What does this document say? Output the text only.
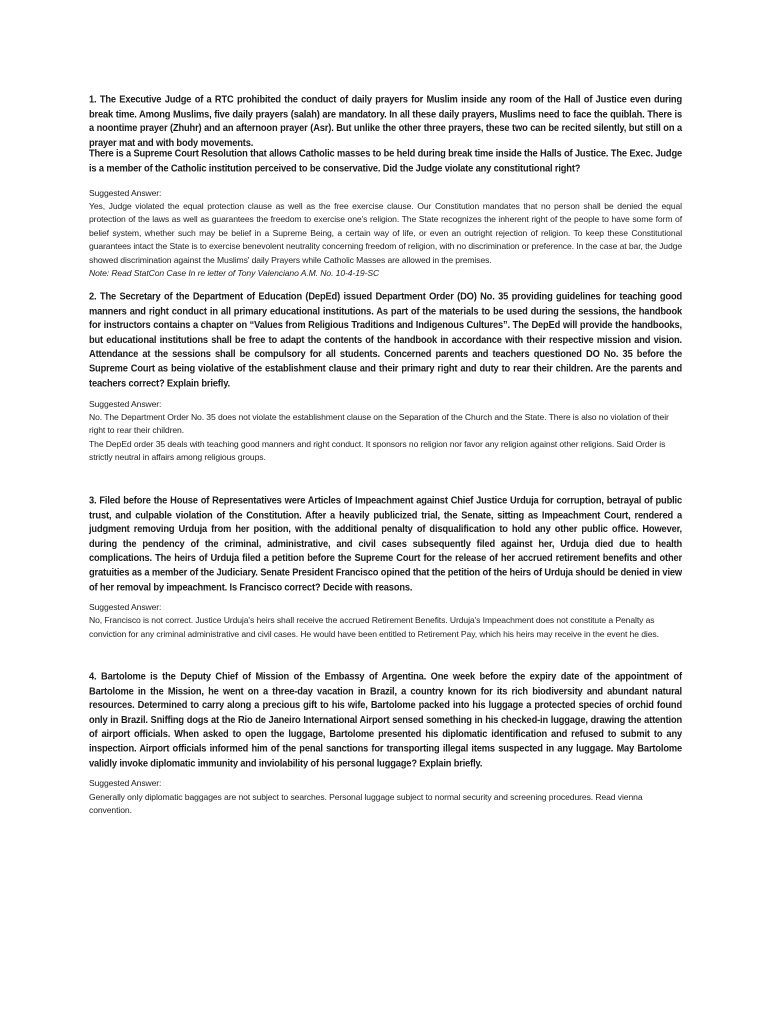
1. The Executive Judge of a RTC prohibited the conduct of daily prayers for Muslim inside any room of the Hall of Justice even during break time. Among Muslims, five daily prayers (salah) are mandatory. In all these daily prayers, Muslims need to face the quiblah. There is a noontime prayer (Zhuhr) and an afternoon prayer (Asr). But unlike the other three prayers, these two can be recited silently, but still on a prayer mat and with body movements.

There is a Supreme Court Resolution that allows Catholic masses to be held during break time inside the Halls of Justice. The Exec. Judge is a member of the Catholic institution perceived to be conservative. Did the Judge violate any constitutional right?

Suggested Answer:

Yes, Judge violated the equal protection clause as well as the free exercise clause. Our Constitution mandates that no person shall be denied the equal protection of the laws as well as guarantees the freedom to exercise one's religion. The State recognizes the inherent right of the people to have some form of belief system, whether such may be belief in a Supreme Being, a certain way of life, or even an outright rejection of religion. To keep these Constitutional guarantees intact the State is to exercise benevolent neutrality concerning freedom of religion, with no discrimination or preference. In the case at bar, the Judge showed discrimination against the Muslims' daily Prayers while Catholic Masses are allowed in the premises.

Note: Read StatCon Case In re letter of Tony Valenciano A.M. No. 10-4-19-SC

2. The Secretary of the Department of Education (DepEd) issued Department Order (DO) No. 35 providing guidelines for teaching good manners and right conduct in all primary educational institutions. As part of the materials to be used during the sessions, the handbook for instructors contains a chapter on “Values from Religious Traditions and Indigenous Cultures”. The DepEd will provide the handbooks, but educational institutions shall be free to adapt the contents of the handbook in accordance with their respective mission and vision. Attendance at the sessions shall be compulsory for all students. Concerned parents and teachers questioned DO No. 35 before the Supreme Court as being violative of the establishment clause and their primary right and duty to rear their children. Are the parents and teachers correct? Explain briefly.

Suggested Answer:

No. The Department Order No. 35 does not violate the establishment clause on the Separation of the Church and the State. There is also no violation of their right to rear their children.

The DepEd order 35 deals with teaching good manners and right conduct. It sponsors no religion nor favor any religion against other religions. Said Order is strictly neutral in affairs among religious groups.

3. Filed before the House of Representatives were Articles of Impeachment against Chief Justice Urduja for corruption, betrayal of public trust, and culpable violation of the Constitution. After a heavily publicized trial, the Senate, sitting as Impeachment Court, rendered a judgment removing Urduja from her position, with the additional penalty of disqualification to hold any other public office. However, during the pendency of the criminal, administrative, and civil cases subsequently filed against her, Urduja died due to health complications. The heirs of Urduja filed a petition before the Supreme Court for the release of her accrued retirement benefits and other gratuities as a member of the Judiciary. Senate President Francisco opined that the petition of the heirs of Urduja should be denied in view of her removal by impeachment. Is Francisco correct? Decide with reasons.

Suggested Answer:

No, Francisco is not correct. Justice Urduja's heirs shall receive the accrued Retirement Benefits. Urduja's Impeachment does not constitute a Penalty as conviction for any criminal administrative and civil cases. He would have been entitled to Retirement Pay, which his heirs may receive in the event he dies.

4. Bartolome is the Deputy Chief of Mission of the Embassy of Argentina. One week before the expiry date of the appointment of Bartolome in the Mission, he went on a three-day vacation in Brazil, a country known for its rich biodiversity and abundant natural resources. Determined to carry along a precious gift to his wife, Bartolome packed into his luggage a protected species of orchid found only in Brazil. Sniffing dogs at the Rio de Janeiro International Airport sensed something in his checked-in luggage, drawing the attention of airport officials. When asked to open the luggage, Bartolome presented his diplomatic identification and refused to submit to any inspection. Airport officials informed him of the penal sanctions for transporting illegal items suspected in any luggage. May Bartolome validly invoke diplomatic immunity and inviolability of his personal luggage? Explain briefly.

Suggested Answer:

Generally only diplomatic baggages are not subject to searches. Personal luggage subject to normal security and screening procedures. Read vienna convention.
